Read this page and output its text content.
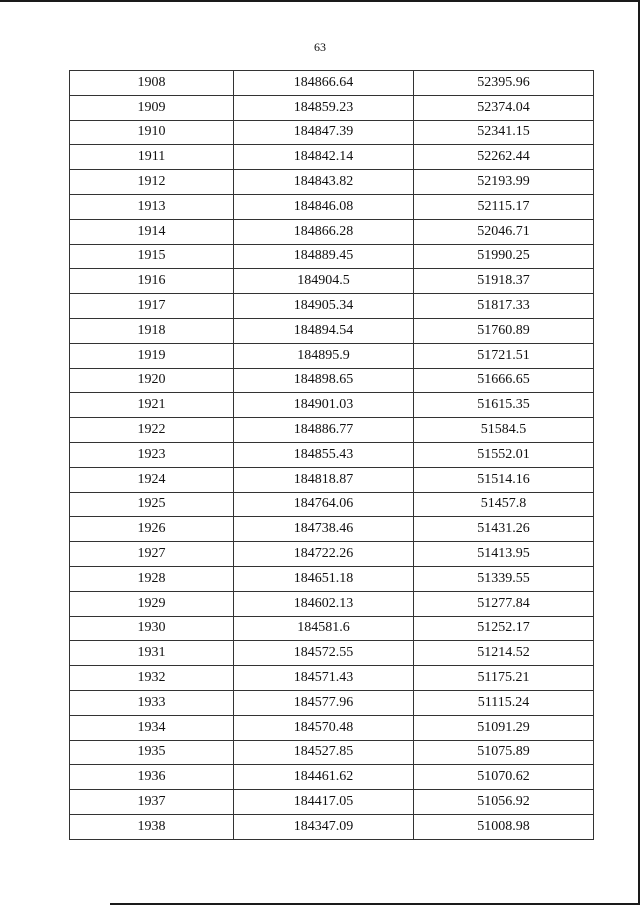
63
1908	184866.64	52395.96
1909	184859.23	52374.04
1910	184847.39	52341.15
1911	184842.14	52262.44
1912	184843.82	52193.99
1913	184846.08	52115.17
1914	184866.28	52046.71
1915	184889.45	51990.25
1916	184904.5	51918.37
1917	184905.34	51817.33
1918	184894.54	51760.89
1919	184895.9	51721.51
1920	184898.65	51666.65
1921	184901.03	51615.35
1922	184886.77	51584.5
1923	184855.43	51552.01
1924	184818.87	51514.16
1925	184764.06	51457.8
1926	184738.46	51431.26
1927	184722.26	51413.95
1928	184651.18	51339.55
1929	184602.13	51277.84
1930	184581.6	51252.17
1931	184572.55	51214.52
1932	184571.43	51175.21
1933	184577.96	51115.24
1934	184570.48	51091.29
1935	184527.85	51075.89
1936	184461.62	51070.62
1937	184417.05	51056.92
1938	184347.09	51008.98
